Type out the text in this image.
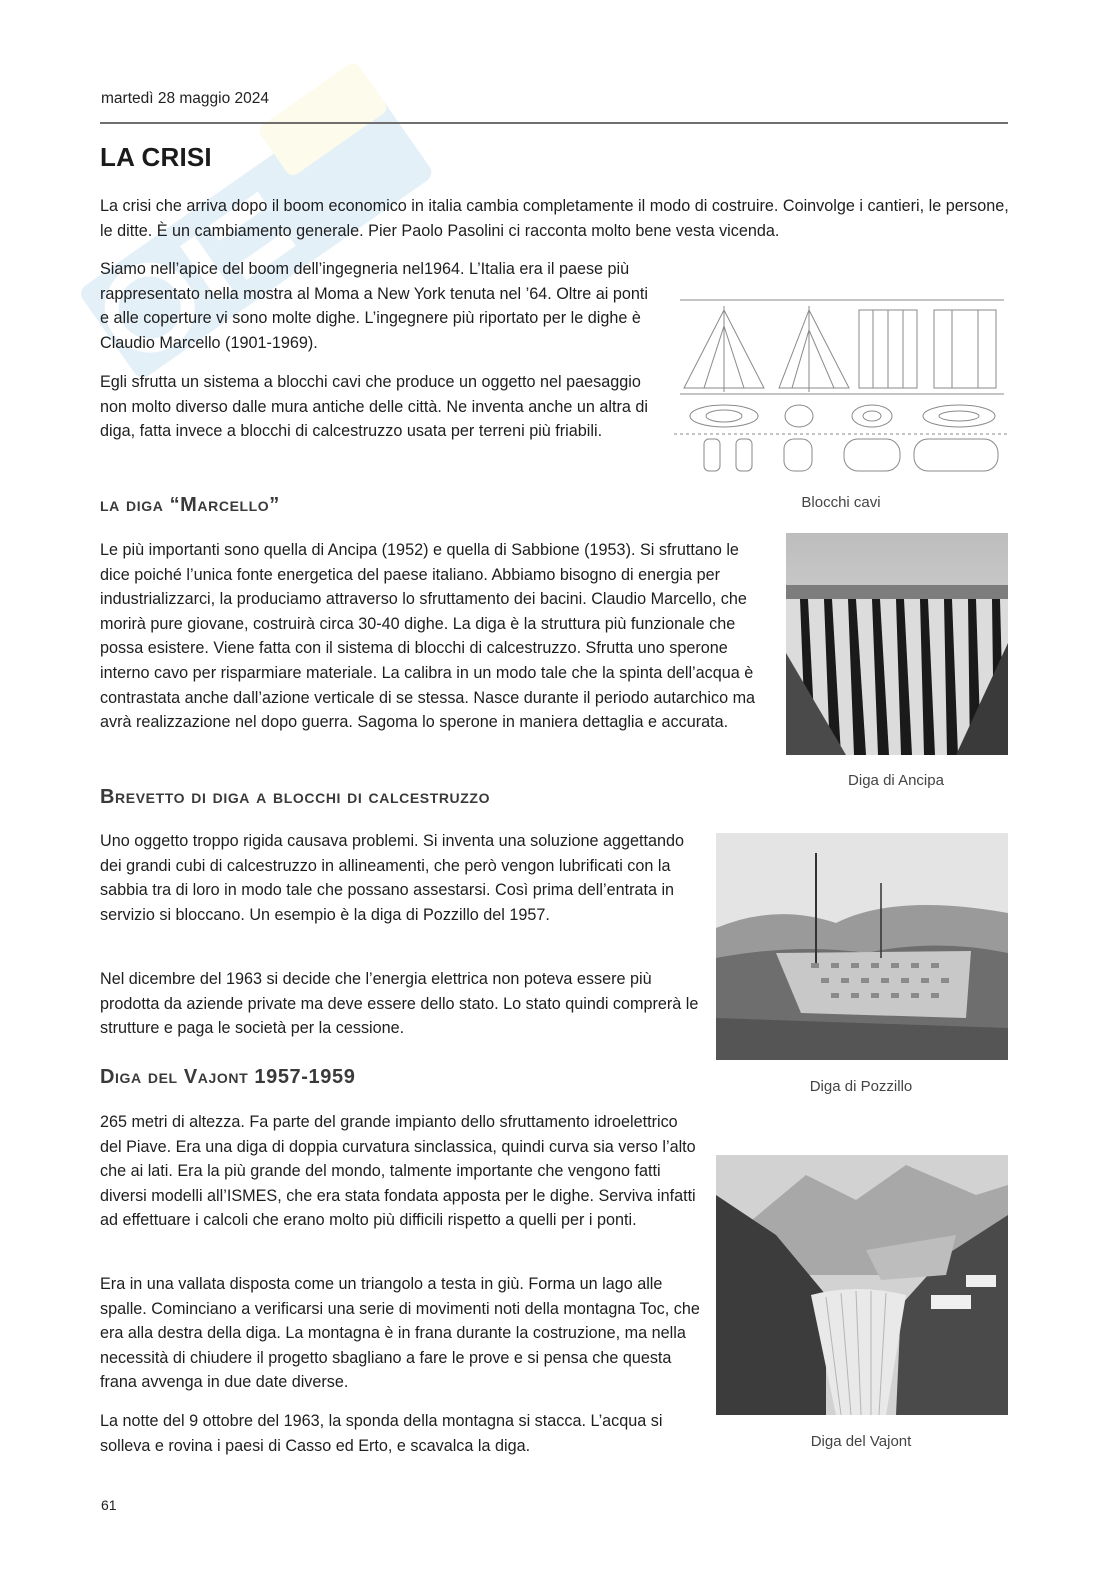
martedì 28 maggio 2024
LA CRISI

La crisi che arriva dopo il boom economico in italia cambia completamente il modo di costruire. Coinvolge i cantieri, le persone, le ditte. È un cambiamento generale. Pier Paolo Pasolini ci racconta molto bene vesta vicenda.

Siamo nell’apice del boom dell’ingegneria nel1964. L’Italia era il paese più rappresentato nella mostra al Moma a New York tenuta nel ’64. Oltre ai ponti e alle coperture vi sono molte dighe. L’ingegnere più riportato per le dighe è Claudio Marcello (1901-1969).

Egli sfrutta un sistema a blocchi cavi che produce un oggetto nel paesaggio non molto diverso dalle mura antiche delle città. Ne inventa anche un altra di diga, fatta invece a blocchi di calcestruzzo usata per terreni più friabili.

Blocchi cavi
la diga “Marcello”

Le più importanti sono quella di Ancipa (1952) e quella di Sabbione (1953). Si sfruttano le dice poiché l’unica fonte energetica del paese italiano. Abbiamo bisogno di energia per industrializzarci, la produciamo attraverso lo sfruttamento dei bacini. Claudio Marcello, che morirà pure giovane, costruirà circa 30-40 dighe. La diga è la struttura più funzionale che possa esistere. Viene fatta con il sistema di blocchi di calcestruzzo. Sfrutta uno sperone interno cavo per risparmiare materiale. La calibra in un modo tale che la spinta dell’acqua è contrastata anche dall’azione verticale di se stessa. Nasce durante il periodo autarchico ma avrà realizzazione nel dopo guerra. Sagoma lo sperone in maniera dettaglia e accurata.

Diga di Ancipa
Brevetto di diga a blocchi di calcestruzzo

Uno oggetto troppo rigida causava problemi. Si inventa una soluzione aggettando dei grandi cubi di calcestruzzo in allineamenti, che però vengon lubrificati con la sabbia tra di loro in modo tale che possano assestarsi. Così prima dell’entrata in servizio si bloccano. Un esempio è la diga di Pozzillo del 1957.

Nel dicembre del 1963 si decide che l’energia elettrica non poteva essere più prodotta da aziende private ma deve essere dello stato. Lo stato quindi comprerà le strutture e paga le società per la cessione.

Diga di Pozzillo
Diga del Vajont 1957-1959

265 metri di altezza. Fa parte del grande impianto dello sfruttamento idroelettrico del Piave. Era una diga di doppia curvatura sinclassica, quindi curva sia verso l’alto che ai lati. Era la più grande del mondo, talmente importante che vengono fatti diversi modelli all’ISMES, che era stata fondata apposta per le dighe. Serviva infatti ad effettuare i calcoli che erano molto più difficili rispetto a quelli per i ponti.

Era in una vallata disposta come un triangolo a testa in giù. Forma un lago alle spalle. Cominciano a verificarsi una serie di movimenti noti della montagna Toc, che era alla destra della diga. La montagna è in frana durante la costruzione, ma nella necessità di chiudere il progetto sbagliano a fare le prove e si pensa che questa frana avvenga in due date diverse.

La notte del 9 ottobre del 1963, la sponda della montagna si stacca. L’acqua si solleva e rovina i paesi di Casso ed Erto, e scavalca la diga.	Diga del Vajont
61
